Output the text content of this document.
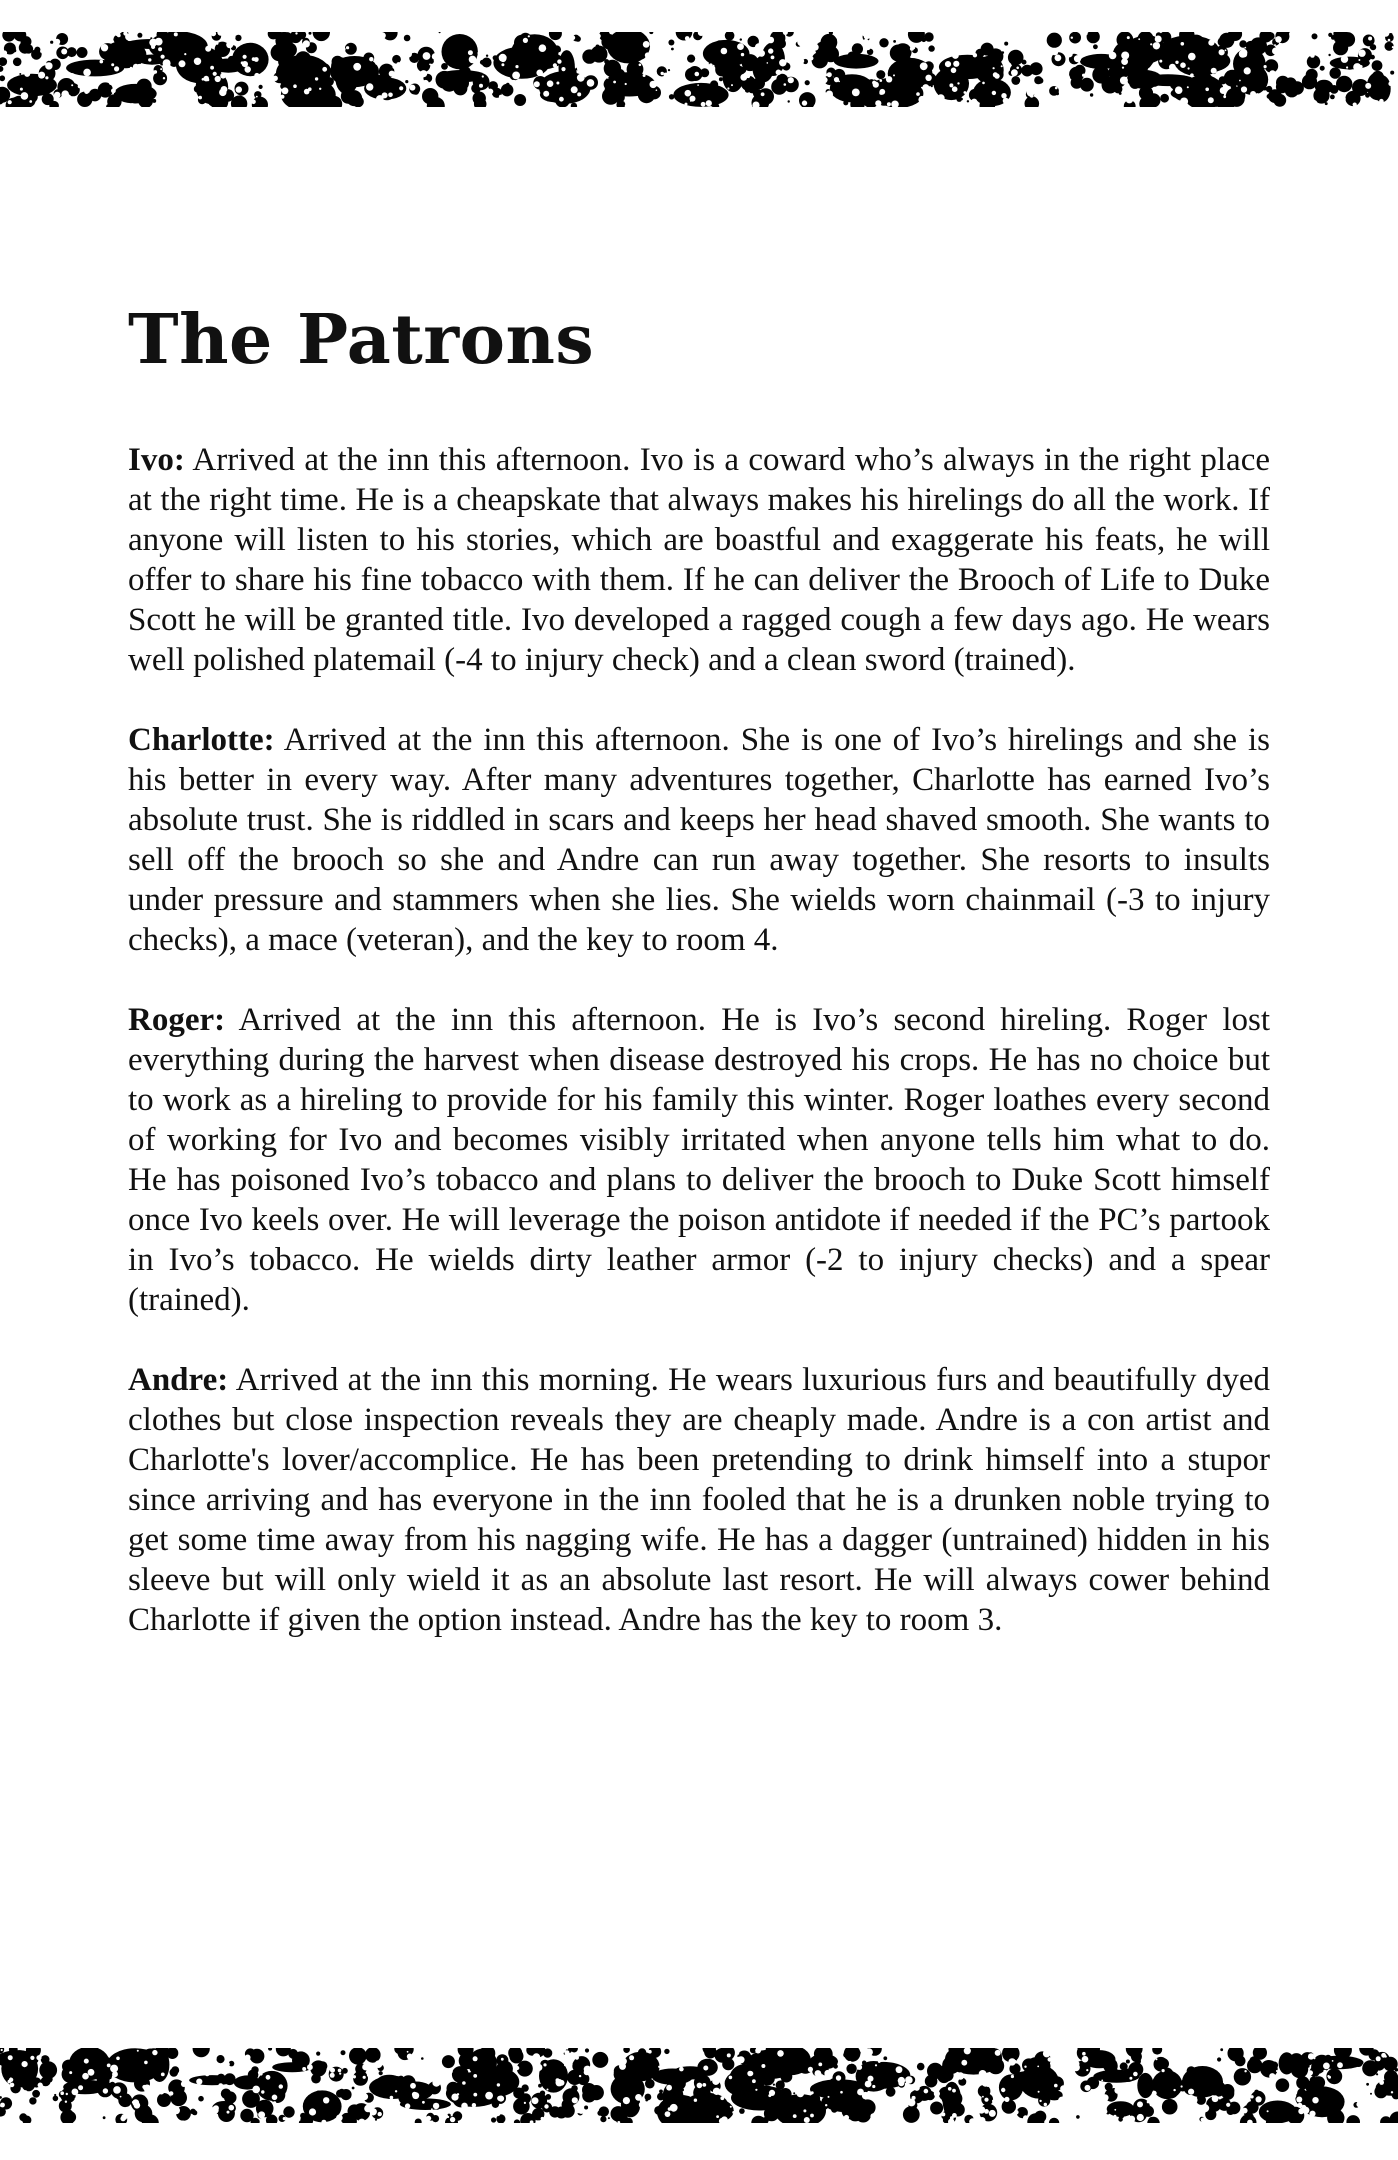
The Patrons

Ivo: Arrived at the inn this afternoon. Ivo is a coward who’s always in the right place at the right time. He is a cheapskate that always makes his hirelings do all the work. If anyone will listen to his stories, which are boastful and exaggerate his feats, he will offer to share his fine tobacco with them. If he can deliver the Brooch of Life to Duke Scott he will be granted title. Ivo developed a ragged cough a few days ago. He wears well polished platemail (-4 to injury check) and a clean sword (trained).

Charlotte: Arrived at the inn this afternoon. She is one of Ivo’s hirelings and she is his better in every way. After many adventures together, Charlotte has earned Ivo’s absolute trust. She is riddled in scars and keeps her head shaved smooth. She wants to sell off the brooch so she and Andre can run away together. She resorts to insults under pressure and stammers when she lies. She wields worn chainmail (-3 to injury checks), a mace (veteran), and the key to room 4.

Roger: Arrived at the inn this afternoon. He is Ivo’s second hireling. Roger lost everything during the harvest when disease destroyed his crops. He has no choice but to work as a hireling to provide for his family this winter. Roger loathes every second of working for Ivo and becomes visibly irritated when anyone tells him what to do. He has poisoned Ivo’s tobacco and plans to deliver the brooch to Duke Scott himself once Ivo keels over. He will leverage the poison antidote if needed if the PC’s partook in Ivo’s tobacco. He wields dirty leather armor (-2 to injury checks) and a spear (trained).

Andre: Arrived at the inn this morning. He wears luxurious furs and beautifully dyed clothes but close inspection reveals they are cheaply made. Andre is a con artist and Charlotte's lover/accomplice. He has been pretending to drink himself into a stupor since arriving and has everyone in the inn fooled that he is a drunken noble trying to get some time away from his nagging wife. He has a dagger (untrained) hidden in his sleeve but will only wield it as an absolute last resort. He will always cower behind Charlotte if given the option instead. Andre has the key to room 3.
